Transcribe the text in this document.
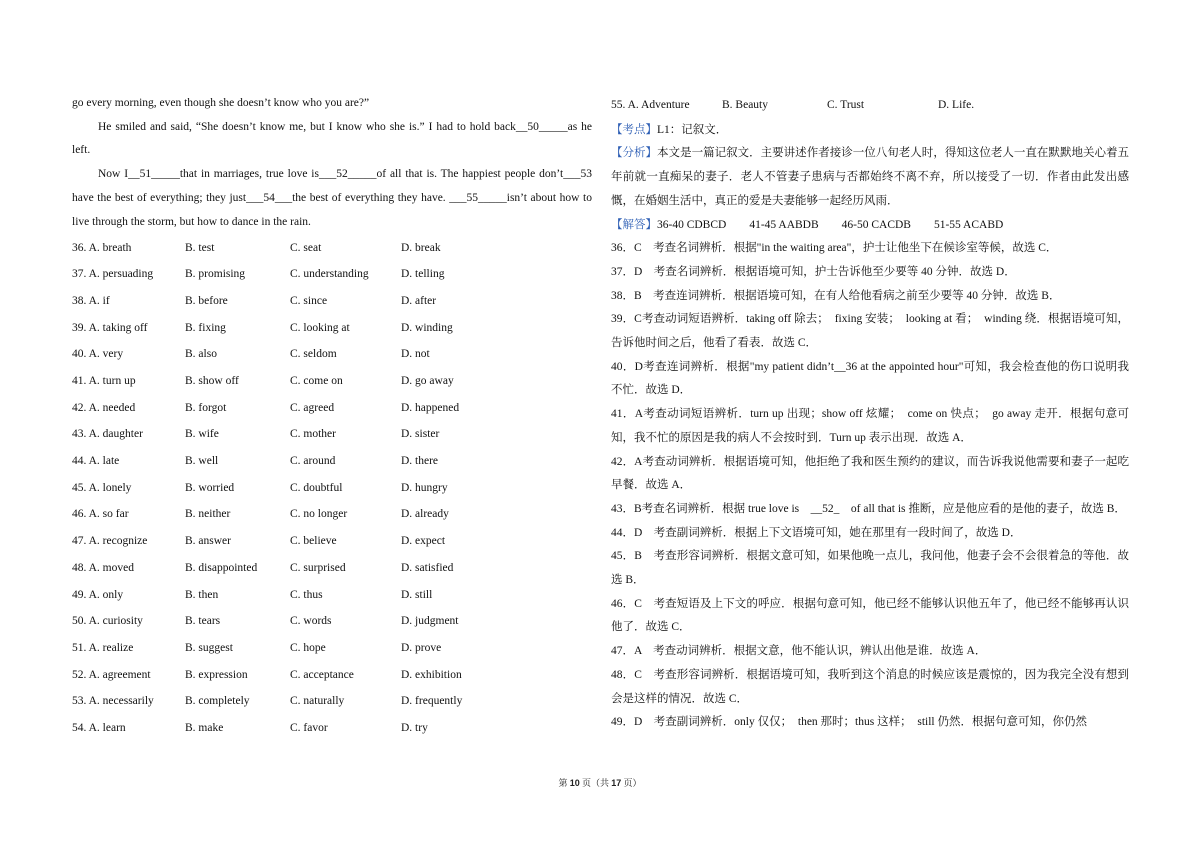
go every morning, even though she doesn’t know who you are?”

He smiled and said, “She doesn’t know me, but I know who she is.” I had to hold back__50_____as he left.

Now I__51_____that in marriages, true love is___52_____of all that is. The happiest people don’t___53 have the best of everything; they just___54___the best of everything they have. ___55_____isn’t about how to live through the storm, but how to dance in the rain.

36. A. breath	B. test	C. seat	D. break
37. A. persuading	B. promising	C. understanding	D. telling
38. A. if	B. before	C. since	D. after
39. A. taking off	B. fixing	C. looking at	D. winding
40. A. very	B. also	C. seldom	D. not
41. A. turn up	B. show off	C. come on	D. go away
42. A. needed	B. forgot	C. agreed	D. happened
43. A. daughter	B. wife	C. mother	D. sister
44. A. late	B. well	C. around	D. there
45. A. lonely	B. worried	C. doubtful	D. hungry
46. A. so far	B. neither	C. no longer	D. already
47. A. recognize	B. answer	C. believe	D. expect
48. A. moved	B. disappointed	C. surprised	D. satisfied
49. A. only	B. then	C. thus	D. still
50. A. curiosity	B. tears	C. words	D. judgment
51. A. realize	B. suggest	C. hope	D. prove
52. A. agreement	B. expression	C. acceptance	D. exhibition
53. A. necessarily	B. completely	C. naturally	D. frequently
54. A. learn	B. make	C. favor	D. try
55. A. Adventure	B. Beauty	C. Trust	D. Life.

【考点】L1：记叙文．

【分析】本文是一篇记叙文．主要讲述作者接诊一位八旬老人时，得知这位老人一直在默默地关心着五年前就一直痴呆的妻子．老人不管妻子患病与否都始终不离不弃，所以接受了一切．作者由此发出感慨，在婚姻生活中，真正的爱是夫妻能够一起经历风雨．

【解答】36-40 CDBCD　　41-45 AABDB　　46-50 CACDB　　51-55 ACABD

36．C　考查名词辨析．根据"in the waiting area"，护士让他坐下在候诊室等候，故选 C．

37．D　考查名词辨析．根据语境可知，护士告诉他至少要等 40 分钟．故选 D．

38．B　考查连词辨析．根据语境可知，在有人给他看病之前至少要等 40 分钟．故选 B．

39．C考查动词短语辨析．taking off 除去；　fixing 安装；　looking at 看；　winding 绕．根据语境可知，告诉他时间之后，他看了看表．故选 C．

40．D考查连词辨析．根据"my patient didn’t__36 at the appointed hour"可知，我会检查他的伤口说明我不忙．故选 D．

41．A考查动词短语辨析．turn up 出现；show off 炫耀；　come on 快点；　go away 走开．根据句意可知，我不忙的原因是我的病人不会按时到．Turn up 表示出现．故选 A．

42．A考查动词辨析．根据语境可知，他拒绝了我和医生预约的建议，而告诉我说他需要和妻子一起吃早餐．故选 A．

43．B考查名词辨析．根据 true love is　__52_　of all that is 推断，应是他应看的是他的妻子，故选 B．

44．D　考查副词辨析．根据上下文语境可知，她在那里有一段时间了，故选 D．

45．B　考查形容词辨析．根据文意可知，如果他晚一点儿，我问他，他妻子会不会很着急的等他．故选 B．

46．C　考查短语及上下文的呼应．根据句意可知，他已经不能够认识他五年了，他已经不能够再认识他了．故选 C．

47．A　考查动词辨析．根据文意，他不能认识，辨认出他是谁．故选 A．

48．C　考查形容词辨析．根据语境可知，我听到这个消息的时候应该是震惊的，因为我完全没有想到会是这样的情况．故选 C．

49．D　考查副词辨析．only 仅仅；　then 那时；thus 这样；　still 仍然．根据句意可知，你仍然

第 10 页（共 17 页）
